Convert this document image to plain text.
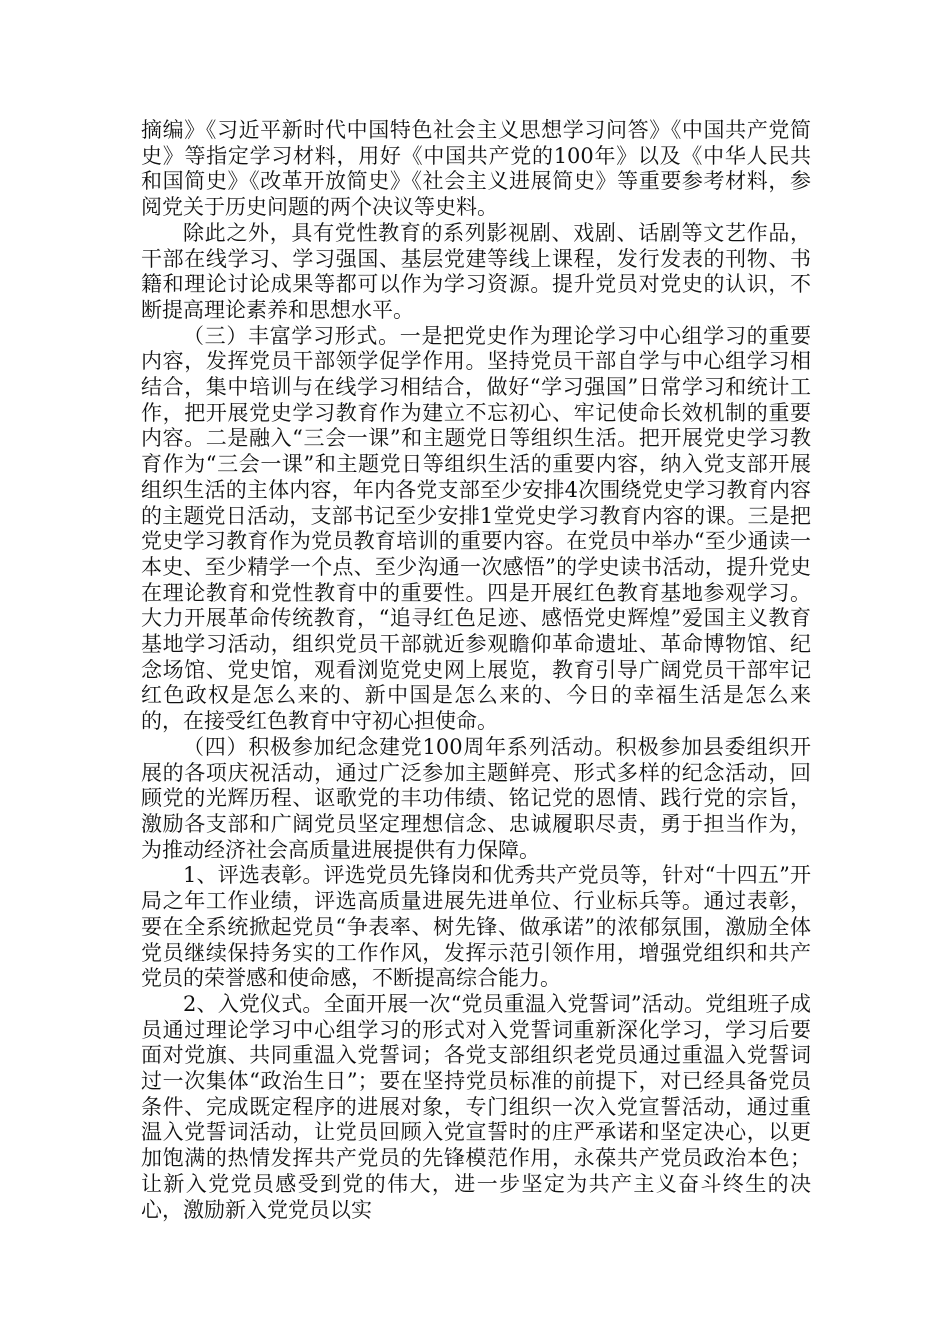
摘编》《习近平新时代中国特色社会主义思想学习问答》《中国共产党简史》等指定学习材料，用好《中国共产党的100年》以及《中华人民共和国简史》《改革开放简史》《社会主义进展简史》等重要参考材料，参阅党关于历史问题的两个决议等史料。

除此之外，具有党性教育的系列影视剧、戏剧、话剧等文艺作品，干部在线学习、学习强国、基层党建等线上课程，发行发表的刊物、书籍和理论讨论成果等都可以作为学习资源。提升党员对党史的认识，不断提高理论素养和思想水平。

（三）丰富学习形式。一是把党史作为理论学习中心组学习的重要内容，发挥党员干部领学促学作用。坚持党员干部自学与中心组学习相结合，集中培训与在线学习相结合，做好“学习强国”日常学习和统计工作，把开展党史学习教育作为建立不忘初心、牢记使命长效机制的重要内容。二是融入“三会一课”和主题党日等组织生活。把开展党史学习教育作为“三会一课”和主题党日等组织生活的重要内容，纳入党支部开展组织生活的主体内容，年内各党支部至少安排4次围绕党史学习教育内容的主题党日活动，支部书记至少安排1堂党史学习教育内容的课。三是把党史学习教育作为党员教育培训的重要内容。在党员中举办“至少通读一本史、至少精学一个点、至少沟通一次感悟”的学史读书活动，提升党史在理论教育和党性教育中的重要性。四是开展红色教育基地参观学习。大力开展革命传统教育，“追寻红色足迹、感悟党史辉煌”爱国主义教育基地学习活动，组织党员干部就近参观瞻仰革命遗址、革命博物馆、纪念场馆、党史馆，观看浏览党史网上展览，教育引导广阔党员干部牢记红色政权是怎么来的、新中国是怎么来的、今日的幸福生活是怎么来的，在接受红色教育中守初心担使命。

（四）积极参加纪念建党100周年系列活动。积极参加县委组织开展的各项庆祝活动，通过广泛参加主题鲜亮、形式多样的纪念活动，回顾党的光辉历程、讴歌党的丰功伟绩、铭记党的恩情、践行党的宗旨，激励各支部和广阔党员坚定理想信念、忠诚履职尽责，勇于担当作为，为推动经济社会高质量进展提供有力保障。

1、评选表彰。评选党员先锋岗和优秀共产党员等，针对“十四五”开局之年工作业绩，评选高质量进展先进单位、行业标兵等。通过表彰，要在全系统掀起党员“争表率、树先锋、做承诺”的浓郁氛围，激励全体党员继续保持务实的工作作风，发挥示范引领作用，增强党组织和共产党员的荣誉感和使命感，不断提高综合能力。

2、入党仪式。全面开展一次“党员重温入党誓词”活动。党组班子成员通过理论学习中心组学习的形式对入党誓词重新深化学习，学习后要面对党旗、共同重温入党誓词；各党支部组织老党员通过重温入党誓词过一次集体“政治生日”；要在坚持党员标准的前提下，对已经具备党员条件、完成既定程序的进展对象，专门组织一次入党宣誓活动，通过重温入党誓词活动，让党员回顾入党宣誓时的庄严承诺和坚定决心，以更加饱满的热情发挥共产党员的先锋模范作用，永葆共产党员政治本色；让新入党党员感受到党的伟大，进一步坚定为共产主义奋斗终生的决心，激励新入党党员以实
